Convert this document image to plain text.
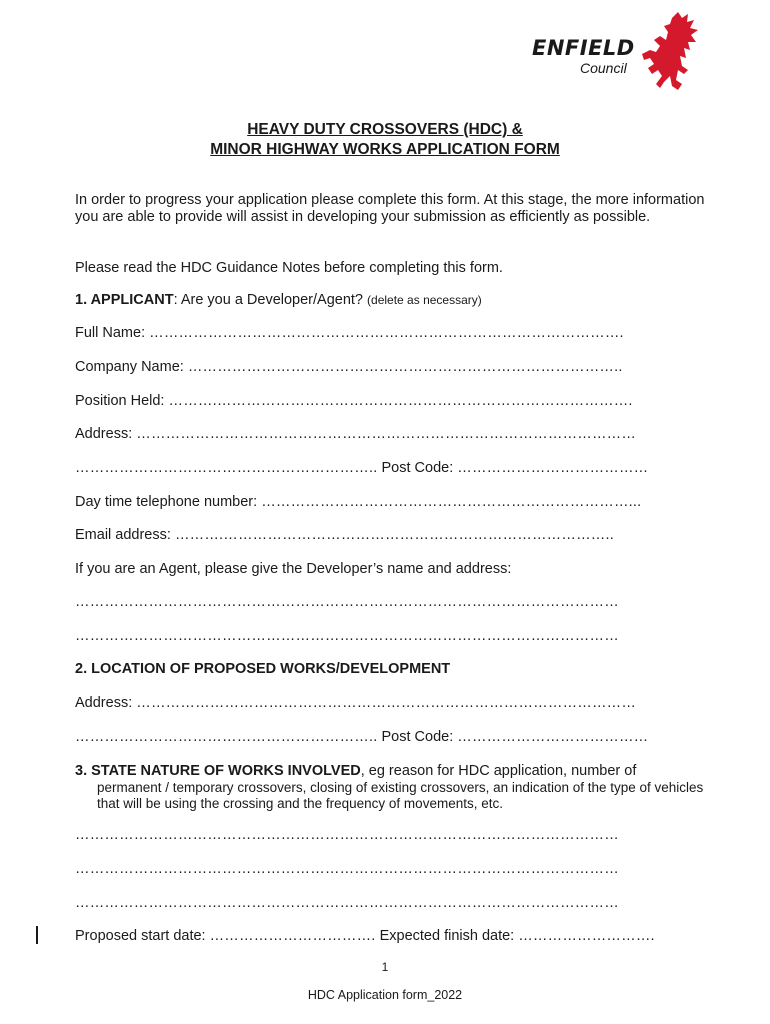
ENFIELD
Council
HEAVY DUTY CROSSOVERS (HDC) &
MINOR HIGHWAY WORKS APPLICATION FORM
In order to progress your application please complete this form. At this stage, the more information you are able to provide will assist in developing your submission as efficiently as possible.
Please read the HDC Guidance Notes before completing this form.
1. APPLICANT: Are you a Developer/Agent? (delete as necessary)
Full Name: …………………………………………………………………………………….
Company Name: ……………………………………………………………………………..
Position Held: ……….………………………………………………………………………….
Address: …………………………………………………………………………………………
…………………………………………………….. Post Code: …………………………………
Day time telephone number: …………………………………………………………………...
Email address: ……….……………………………………………………………………..
If you are an Agent, please give the Developer’s name and address:
…………………………………………………………………………………………………
…………………………………………………………………………………………………
2. LOCATION OF PROPOSED WORKS/DEVELOPMENT
Address: …………………………………………………………………………………………
…………………………………………………….. Post Code: …………………………………
3. STATE NATURE OF WORKS INVOLVED, eg reason for HDC application, number of
permanent / temporary crossovers, closing of existing crossovers, an indication of the type of vehicles that will be using the crossing and the frequency of movements, etc.
…………………………………………………………………………………………………
…………………………………………………………………………………………………
…………………………………………………………………………………………………
Proposed start date: ……………………………. Expected finish date: ……………………….
1
HDC Application form_2022
